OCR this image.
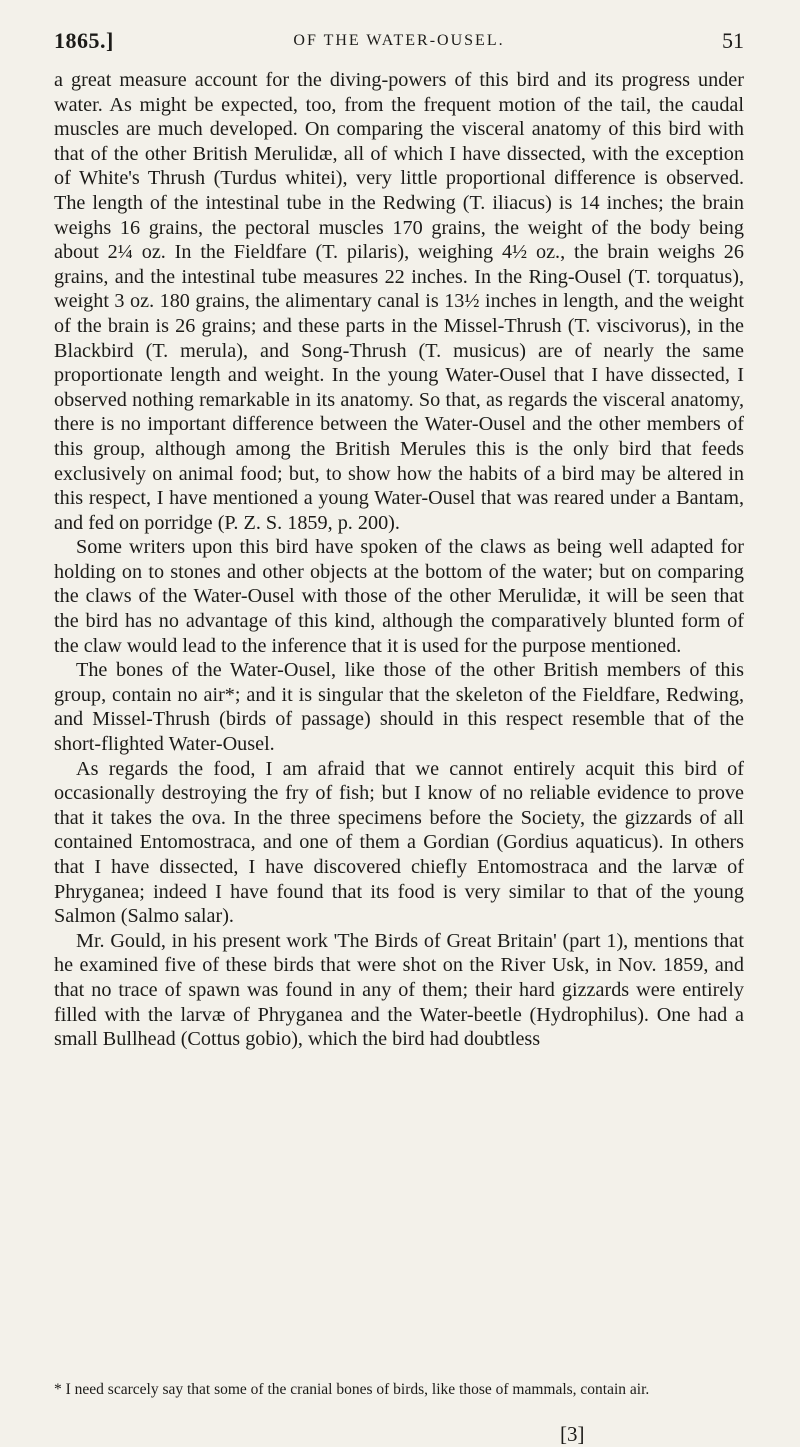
1865.]	OF THE WATER-OUSEL.	51

a great measure account for the diving-powers of this bird and its progress under water. As might be expected, too, from the frequent motion of the tail, the caudal muscles are much developed. On comparing the visceral anatomy of this bird with that of the other British Merulidæ, all of which I have dissected, with the exception of White's Thrush (Turdus whitei), very little proportional difference is observed. The length of the intestinal tube in the Redwing (T. iliacus) is 14 inches; the brain weighs 16 grains, the pectoral muscles 170 grains, the weight of the body being about 2¼ oz. In the Fieldfare (T. pilaris), weighing 4½ oz., the brain weighs 26 grains, and the intestinal tube measures 22 inches. In the Ring-Ousel (T. torquatus), weight 3 oz. 180 grains, the alimentary canal is 13½ inches in length, and the weight of the brain is 26 grains; and these parts in the Missel-Thrush (T. viscivorus), in the Blackbird (T. merula), and Song-Thrush (T. musicus) are of nearly the same proportionate length and weight. In the young Water-Ousel that I have dissected, I observed nothing remarkable in its anatomy. So that, as regards the visceral anatomy, there is no important difference between the Water-Ousel and the other members of this group, although among the British Merules this is the only bird that feeds exclusively on animal food; but, to show how the habits of a bird may be altered in this respect, I have mentioned a young Water-Ousel that was reared under a Bantam, and fed on porridge (P. Z. S. 1859, p. 200).

Some writers upon this bird have spoken of the claws as being well adapted for holding on to stones and other objects at the bottom of the water; but on comparing the claws of the Water-Ousel with those of the other Merulidæ, it will be seen that the bird has no advantage of this kind, although the comparatively blunted form of the claw would lead to the inference that it is used for the purpose mentioned.

The bones of the Water-Ousel, like those of the other British members of this group, contain no air*; and it is singular that the skeleton of the Fieldfare, Redwing, and Missel-Thrush (birds of passage) should in this respect resemble that of the short-flighted Water-Ousel.

As regards the food, I am afraid that we cannot entirely acquit this bird of occasionally destroying the fry of fish; but I know of no reliable evidence to prove that it takes the ova. In the three specimens before the Society, the gizzards of all contained Entomostraca, and one of them a Gordian (Gordius aquaticus). In others that I have dissected, I have discovered chiefly Entomostraca and the larvæ of Phryganea; indeed I have found that its food is very similar to that of the young Salmon (Salmo salar).

Mr. Gould, in his present work 'The Birds of Great Britain' (part 1), mentions that he examined five of these birds that were shot on the River Usk, in Nov. 1859, and that no trace of spawn was found in any of them; their hard gizzards were entirely filled with the larvæ of Phryganea and the Water-beetle (Hydrophilus). One had a small Bullhead (Cottus gobio), which the bird had doubtless

* I need scarcely say that some of the cranial bones of birds, like those of mammals, contain air.
[3]
